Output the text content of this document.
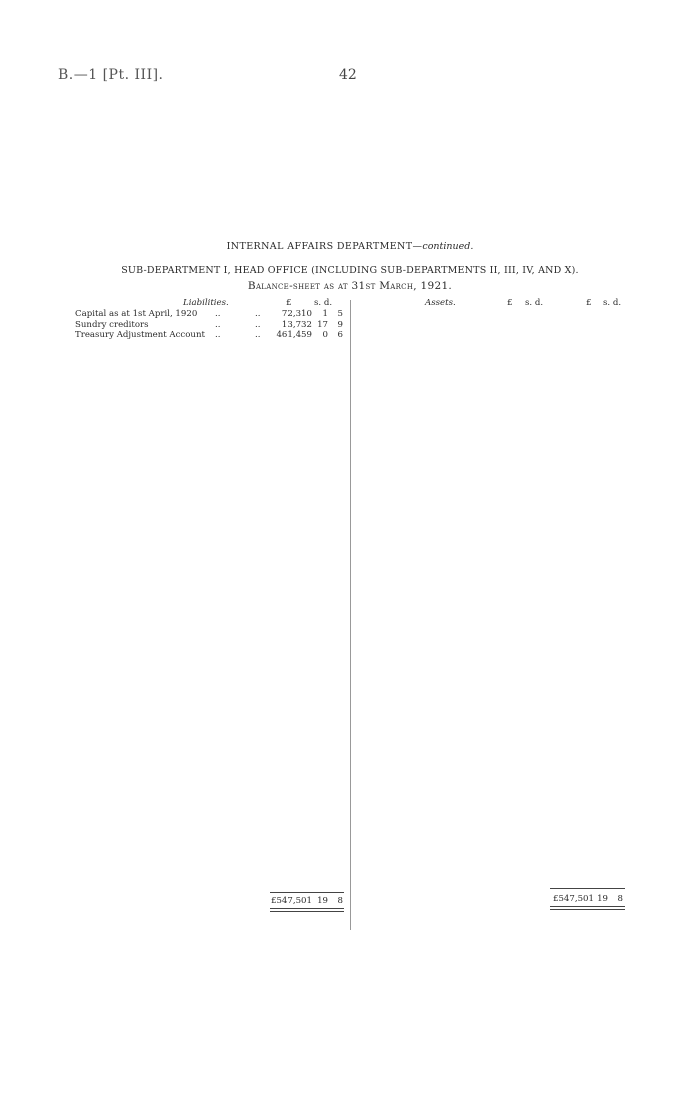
B.—1 [Pt. III].	42
INTERNAL AFFAIRS DEPARTMENT—continued.
SUB-DEPARTMENT I, HEAD OFFICE (INCLUDING SUB-DEPARTMENTS II, III, IV, AND X).
Balance-sheet as at 31st March, 1921.
Liabilities.	£	s. d.
Capital as at 1st April, 1920 ..	..	72,310	1	5
Sundry creditors	..	..	13,732 17	9
Treasury Adjustment Account ..	..	461,459	0	6
£547,501 19	8
Assets.	£ s. d.	£ s. d.
£547,501 19	8
